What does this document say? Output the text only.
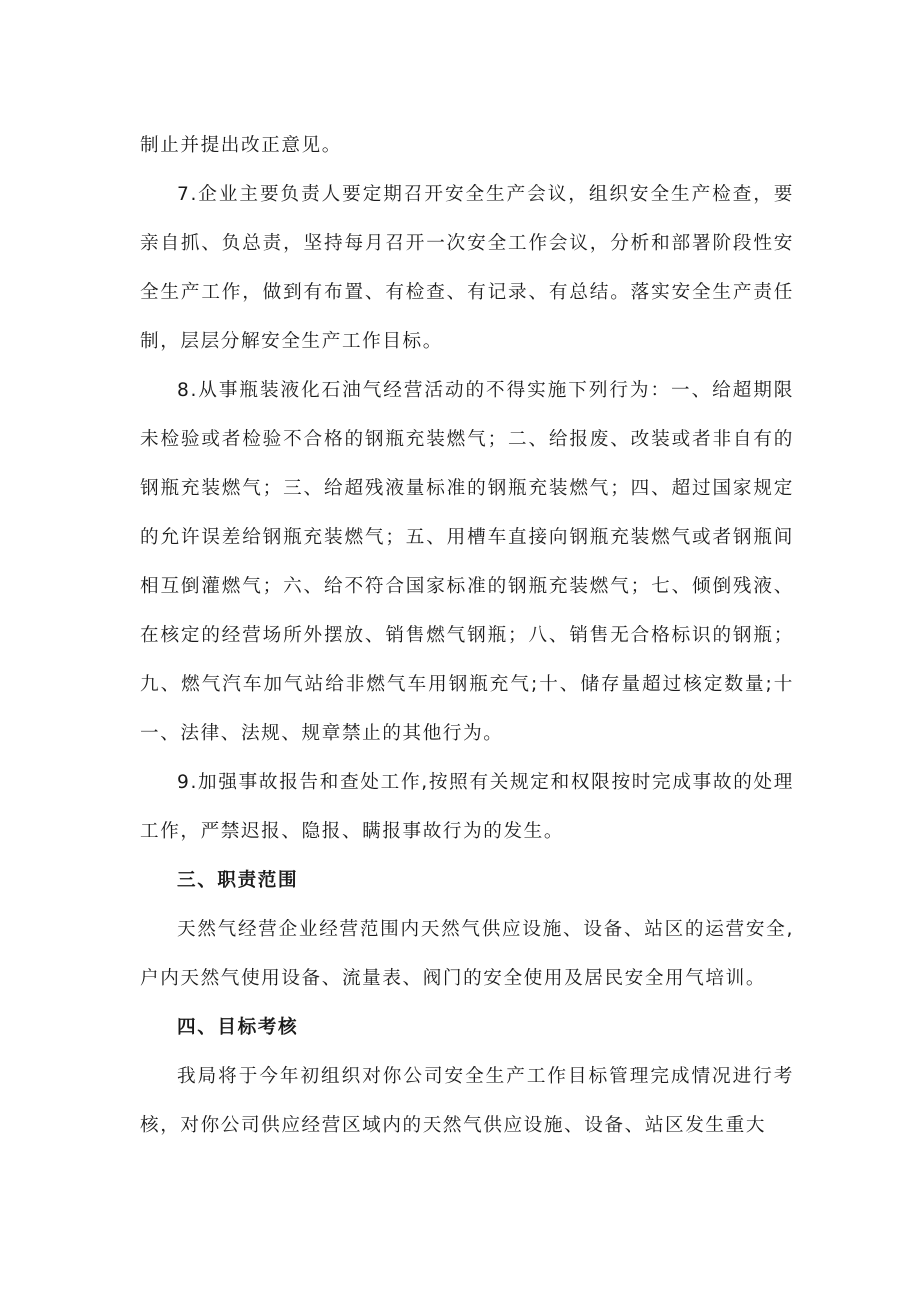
制止并提出改正意见。

7.企业主要负责人要定期召开安全生产会议，组织安全生产检查，要亲自抓、负总责，坚持每月召开一次安全工作会议，分析和部署阶段性安全生产工作，做到有布置、有检查、有记录、有总结。落实安全生产责任制，层层分解安全生产工作目标。

8.从事瓶装液化石油气经营活动的不得实施下列行为：一、给超期限未检验或者检验不合格的钢瓶充装燃气；二、给报废、改装或者非自有的钢瓶充装燃气；三、给超残液量标准的钢瓶充装燃气；四、超过国家规定的允许误差给钢瓶充装燃气；五、用槽车直接向钢瓶充装燃气或者钢瓶间相互倒灌燃气；六、给不符合国家标准的钢瓶充装燃气；七、倾倒残液、在核定的经营场所外摆放、销售燃气钢瓶；八、销售无合格标识的钢瓶；九、燃气汽车加气站给非燃气车用钢瓶充气;十、储存量超过核定数量;十一、法律、法规、规章禁止的其他行为。

9.加强事故报告和查处工作,按照有关规定和权限按时完成事故的处理工作，严禁迟报、隐报、瞒报事故行为的发生。

三、职责范围

天然气经营企业经营范围内天然气供应设施、设备、站区的运营安全,户内天然气使用设备、流量表、阀门的安全使用及居民安全用气培训。

四、目标考核

我局将于今年初组织对你公司安全生产工作目标管理完成情况进行考核，对你公司供应经营区域内的天然气供应设施、设备、站区发生重大
